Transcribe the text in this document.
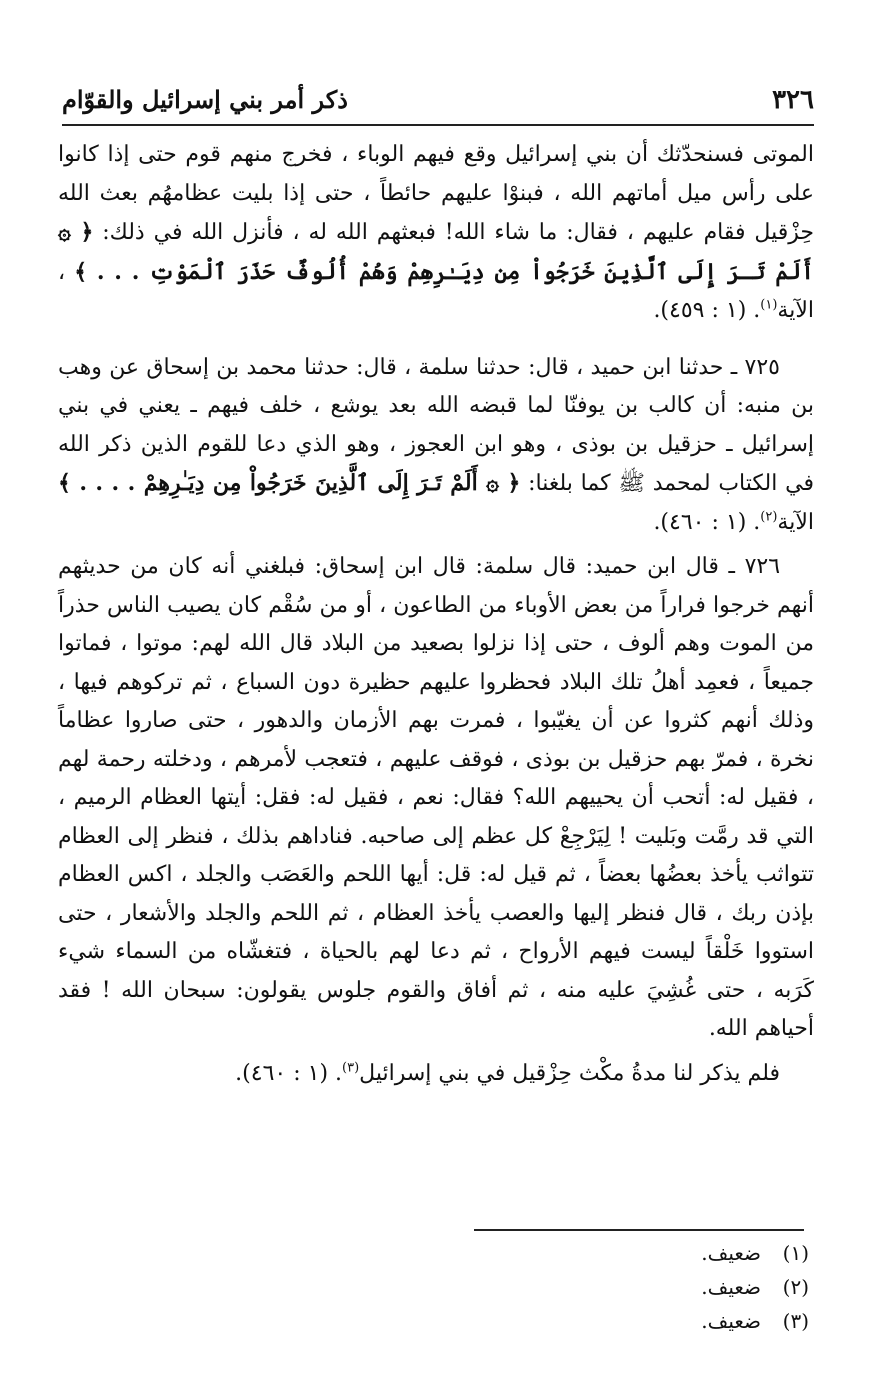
٣٢٦
ذكر أمر بني إسرائيل والقوّام

الموتى فسنحدّثك أن بني إسرائيل وقع فيهم الوباء ، فخرج منهم قوم حتى إذا كانوا على رأس ميل أماتهم الله ، فبنوْا عليهم حائطاً ، حتى إذا بليت عظامهُم بعث الله حِزْقيل فقام عليهم ، فقال: ما شاء الله! فبعثهم الله له ، فأنزل الله في ذلك: ﴿ ۞ أَلَمْ تَـرَ إِلَى ٱلَّذِينَ خَرَجُواْ مِن دِيَـٰرِهِمْ وَهُمْ أُلُوفٌ حَذَرَ ٱلْمَوْتِ . . . ﴾ ، الآية$^{(١)}$. (١ : ٤٥٩).

٧٢٥ ـ حدثنا ابن حميد ، قال: حدثنا سلمة ، قال: حدثنا محمد بن إسحاق عن وهب بن منبه: أن كالب بن يوفنّا لما قبضه الله بعد يوشع ، خلف فيهم ـ يعني في بني إسرائيل ـ حزقيل بن بوذى ، وهو ابن العجوز ، وهو الذي دعا للقوم الذين ذكر الله في الكتاب لمحمد ﷺ كما بلغنا: ﴿ ۞ أَلَمْ تَـرَ إِلَى ٱلَّذِينَ خَرَجُواْ مِن دِيَـٰرِهِمْ . . . . ﴾ الآية$^{(٢)}$. (١ : ٤٦٠).

٧٢٦ ـ قال ابن حميد: قال سلمة: قال ابن إسحاق: فبلغني أنه كان من حديثهم أنهم خرجوا فراراً من بعض الأوباء من الطاعون ، أو من سُقْم كان يصيب الناس حذراً من الموت وهم ألوف ، حتى إذا نزلوا بصعيد من البلاد قال الله لهم: موتوا ، فماتوا جميعاً ، فعمِد أهلُ تلك البلاد فحظروا عليهم حظيرة دون السباع ، ثم تركوهم فيها ، وذلك أنهم كثروا عن أن يغيّبوا ، فمرت بهم الأزمان والدهور ، حتى صاروا عظاماً نخرة ، فمرّ بهم حزقيل بن بوذى ، فوقف عليهم ، فتعجب لأمرهم ، ودخلته رحمة لهم ، فقيل له: أتحب أن يحييهم الله؟ فقال: نعم ، فقيل له: فقل: أيتها العظام الرميم ، التي قد رمَّت وبَليت ! لِيَرْجِعْ كل عظم إلى صاحبه. فناداهم بذلك ، فنظر إلى العظام تتواثب يأخذ بعضُها بعضاً ، ثم قيل له: قل: أيها اللحم والعَصَب والجلد ، اكس العظام بإذن ربك ، قال فنظر إليها والعصب يأخذ العظام ، ثم اللحم والجلد والأشعار ، حتى استووا خَلْقاً ليست فيهم الأرواح ، ثم دعا لهم بالحياة ، فتغشّاه من السماء شيء كَرَبه ، حتى غُشِيَ عليه منه ، ثم أفاق والقوم جلوس يقولون: سبحان الله ! فقد أحياهم الله.

فلم يذكر لنا مدةُ مكْث حِزْقيل في بني إسرائيل$^{(٣)}$. (١ : ٤٦٠).

(١)
ضعيف.
(٢)
ضعيف.
(٣)
ضعيف.
